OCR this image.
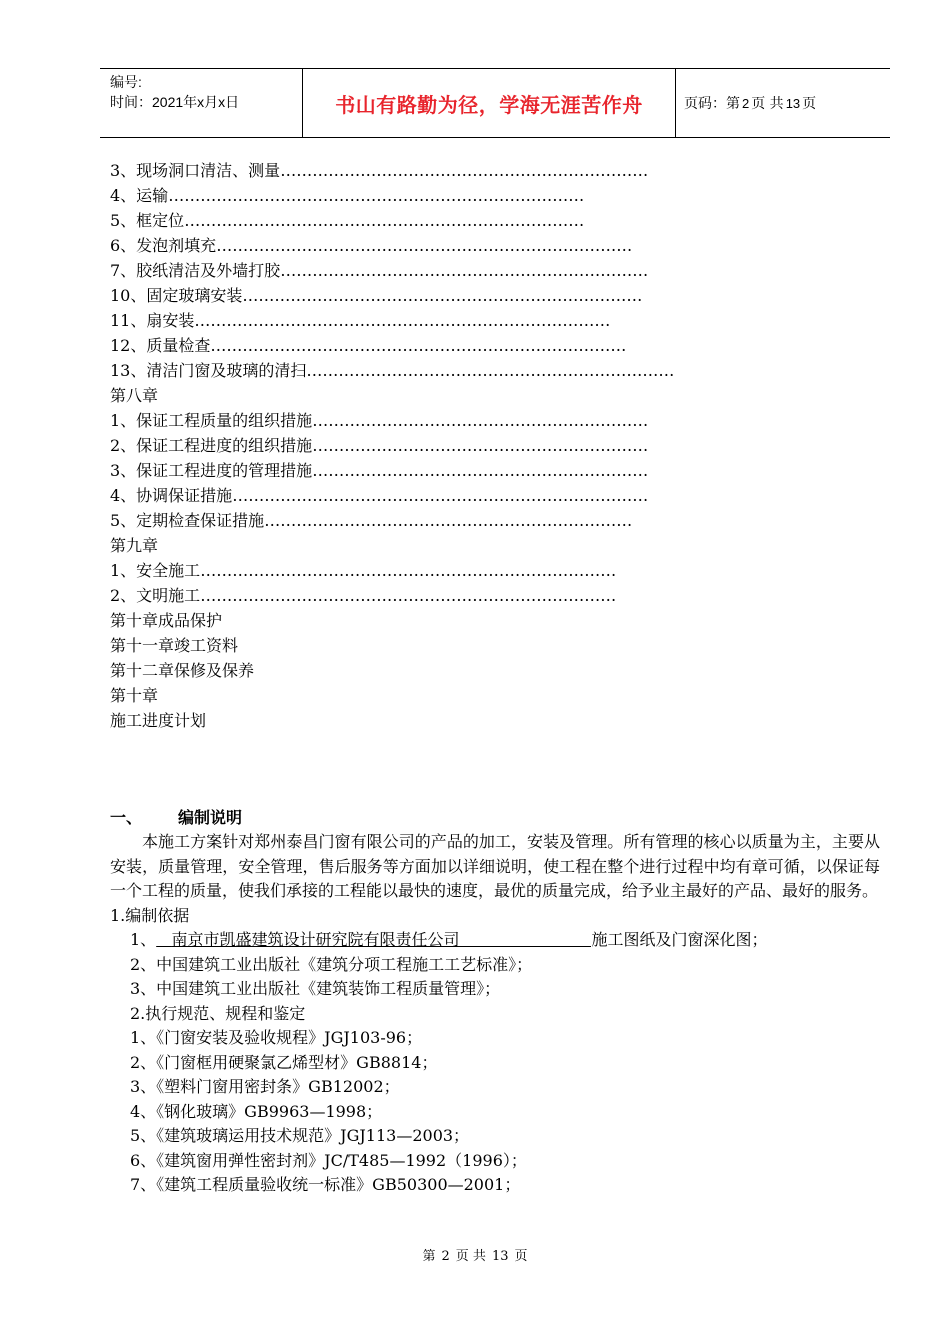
编号:
时间：2021年x月x日	书山有路勤为径，学海无涯苦作舟	页码：第 2 页 共 13 页
3、现场洞口清洁、测量……………………………………………………………
4、运输……………………………………………………………………
5、框定位…………………………………………………………………
6、发泡剂填充……………………………………………………………………
7、胶纸清洁及外墙打胶……………………………………………………………
10、固定玻璃安装…………………………………………………………………
11、扇安装……………………………………………………………………
12、质量检查……………………………………………………………………
13、清洁门窗及玻璃的清扫……………………………………………………………
第八章
1、保证工程质量的组织措施………………………………………………………
2、保证工程进度的组织措施………………………………………………………
3、保证工程进度的管理措施………………………………………………………
4、协调保证措施……………………………………………………………………
5、定期检查保证措施……………………………………………………………
第九章
1、安全施工……………………………………………………………………
2、文明施工……………………………………………………………………
第十章成品保护
第十一章竣工资料
第十二章保修及保养
第十章
施工进度计划
一、 编制说明

本施工方案针对郑州泰昌门窗有限公司的产品的加工，安装及管理。所有管理的核心以质量为主，主要从安装，质量管理，安全管理，售后服务等方面加以详细说明，使工程在整个进行过程中均有章可循，以保证每一个工程的质量，使我们承接的工程能以最快的速度，最优的质量完成，给予业主最好的产品、最好的服务。

1.编制依据
1、 南京市凯盛建筑设计研究院有限责任公司	施工图纸及门窗深化图；
2、中国建筑工业出版社《建筑分项工程施工工艺标准》；
3、中国建筑工业出版社《建筑装饰工程质量管理》；
2.执行规范、规程和鉴定
1、《门窗安装及验收规程》JGJ103-96；
2、《门窗框用硬聚氯乙烯型材》GB8814；
3、《塑料门窗用密封条》GB12002；
4、《钢化玻璃》GB9963—1998；
5、《建筑玻璃运用技术规范》JGJ113—2003；
6、《建筑窗用弹性密封剂》JC/T485—1992（1996）；
7、《建筑工程质量验收统一标准》GB50300—2001；
第 2 页 共 13 页
